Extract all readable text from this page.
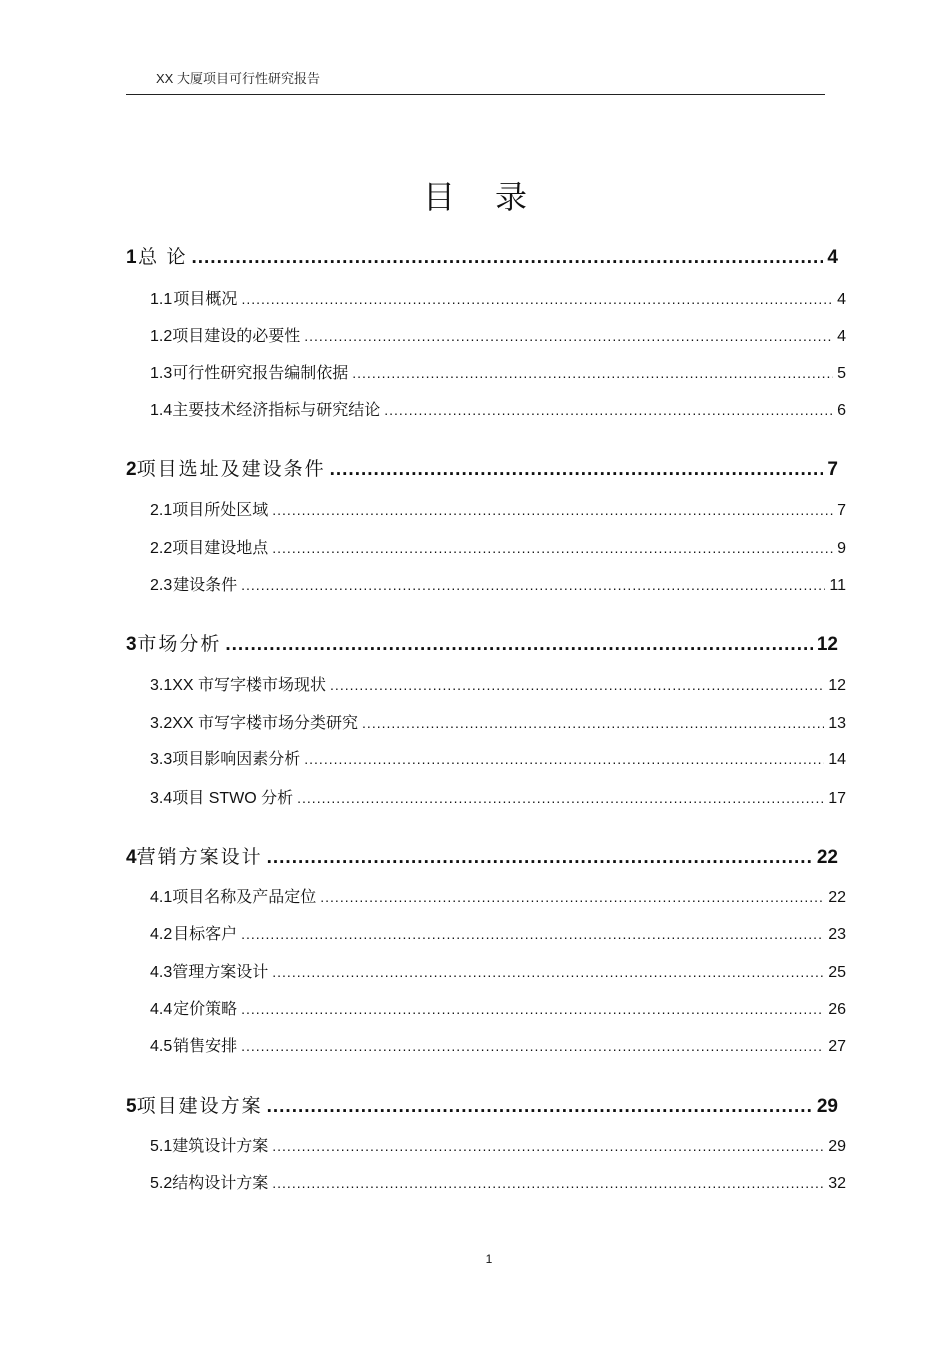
XX 大厦项目可行性研究报告
目录
1 总 论 .....	4
1.1 项目概况 .....	4
1.2 项目建设的必要性 .....	4
1.3 可行性研究报告编制依据 .....	5
1.4 主要技术经济指标与研究结论 .....	6
2 项目选址及建设条件 .....	7
2.1 项目所处区域 .....	7
2.2 项目建设地点 .....	9
2.3 建设条件 .....	11
3 市场分析 .....	12
3.1 XX 市写字楼市场现状 .....	12
3.2 XX 市写字楼市场分类研究 .....	13
3.3 项目影响因素分析 .....	14
3.4 项目 STWO 分析 .....	17
4 营销方案设计 .....	22
4.1 项目名称及产品定位 .....	22
4.2 目标客户 .....	23
4.3 管理方案设计 .....	25
4.4 定价策略 .....	26
4.5 销售安排 .....	27
5 项目建设方案 .....	29
5.1 建筑设计方案 .....	29
5.2 结构设计方案 .....	32
1
